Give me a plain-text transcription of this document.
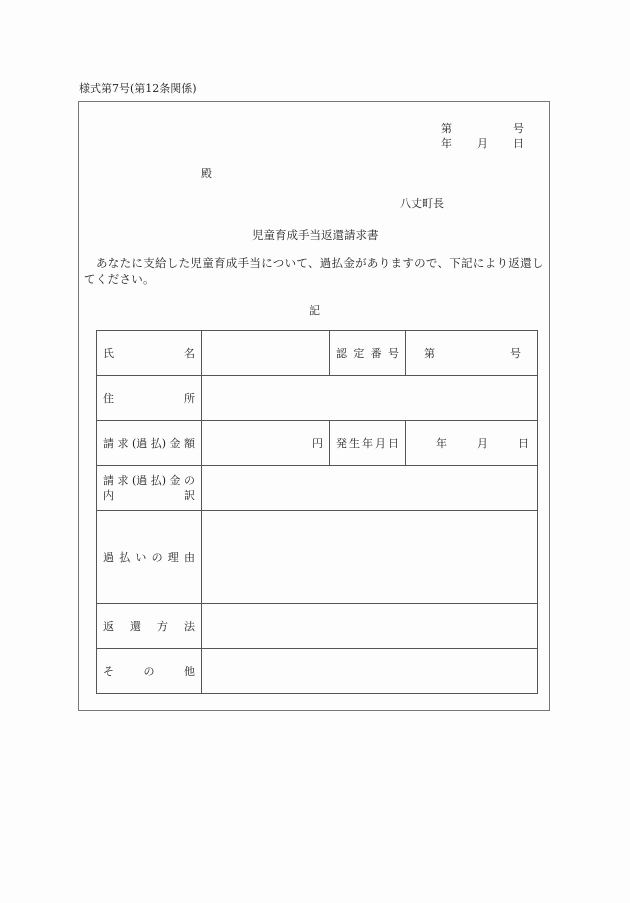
様式第7号(第12条関係)
第	号
年 月 日
殿
八丈町長
児童育成手当返還請求書
あなたに支給した児童育成手当について、過払金がありますので、下記により返還してください。
記
氏 名		認 定 番 号	第 号

住 所			

請 求 (過 払) 金 額	円	発 生 年 月 日	年	月	日

請 求 (過 払) 金 の
内	訳

過 払 い の 理 由

返 還 方 法			

そ の 他			
